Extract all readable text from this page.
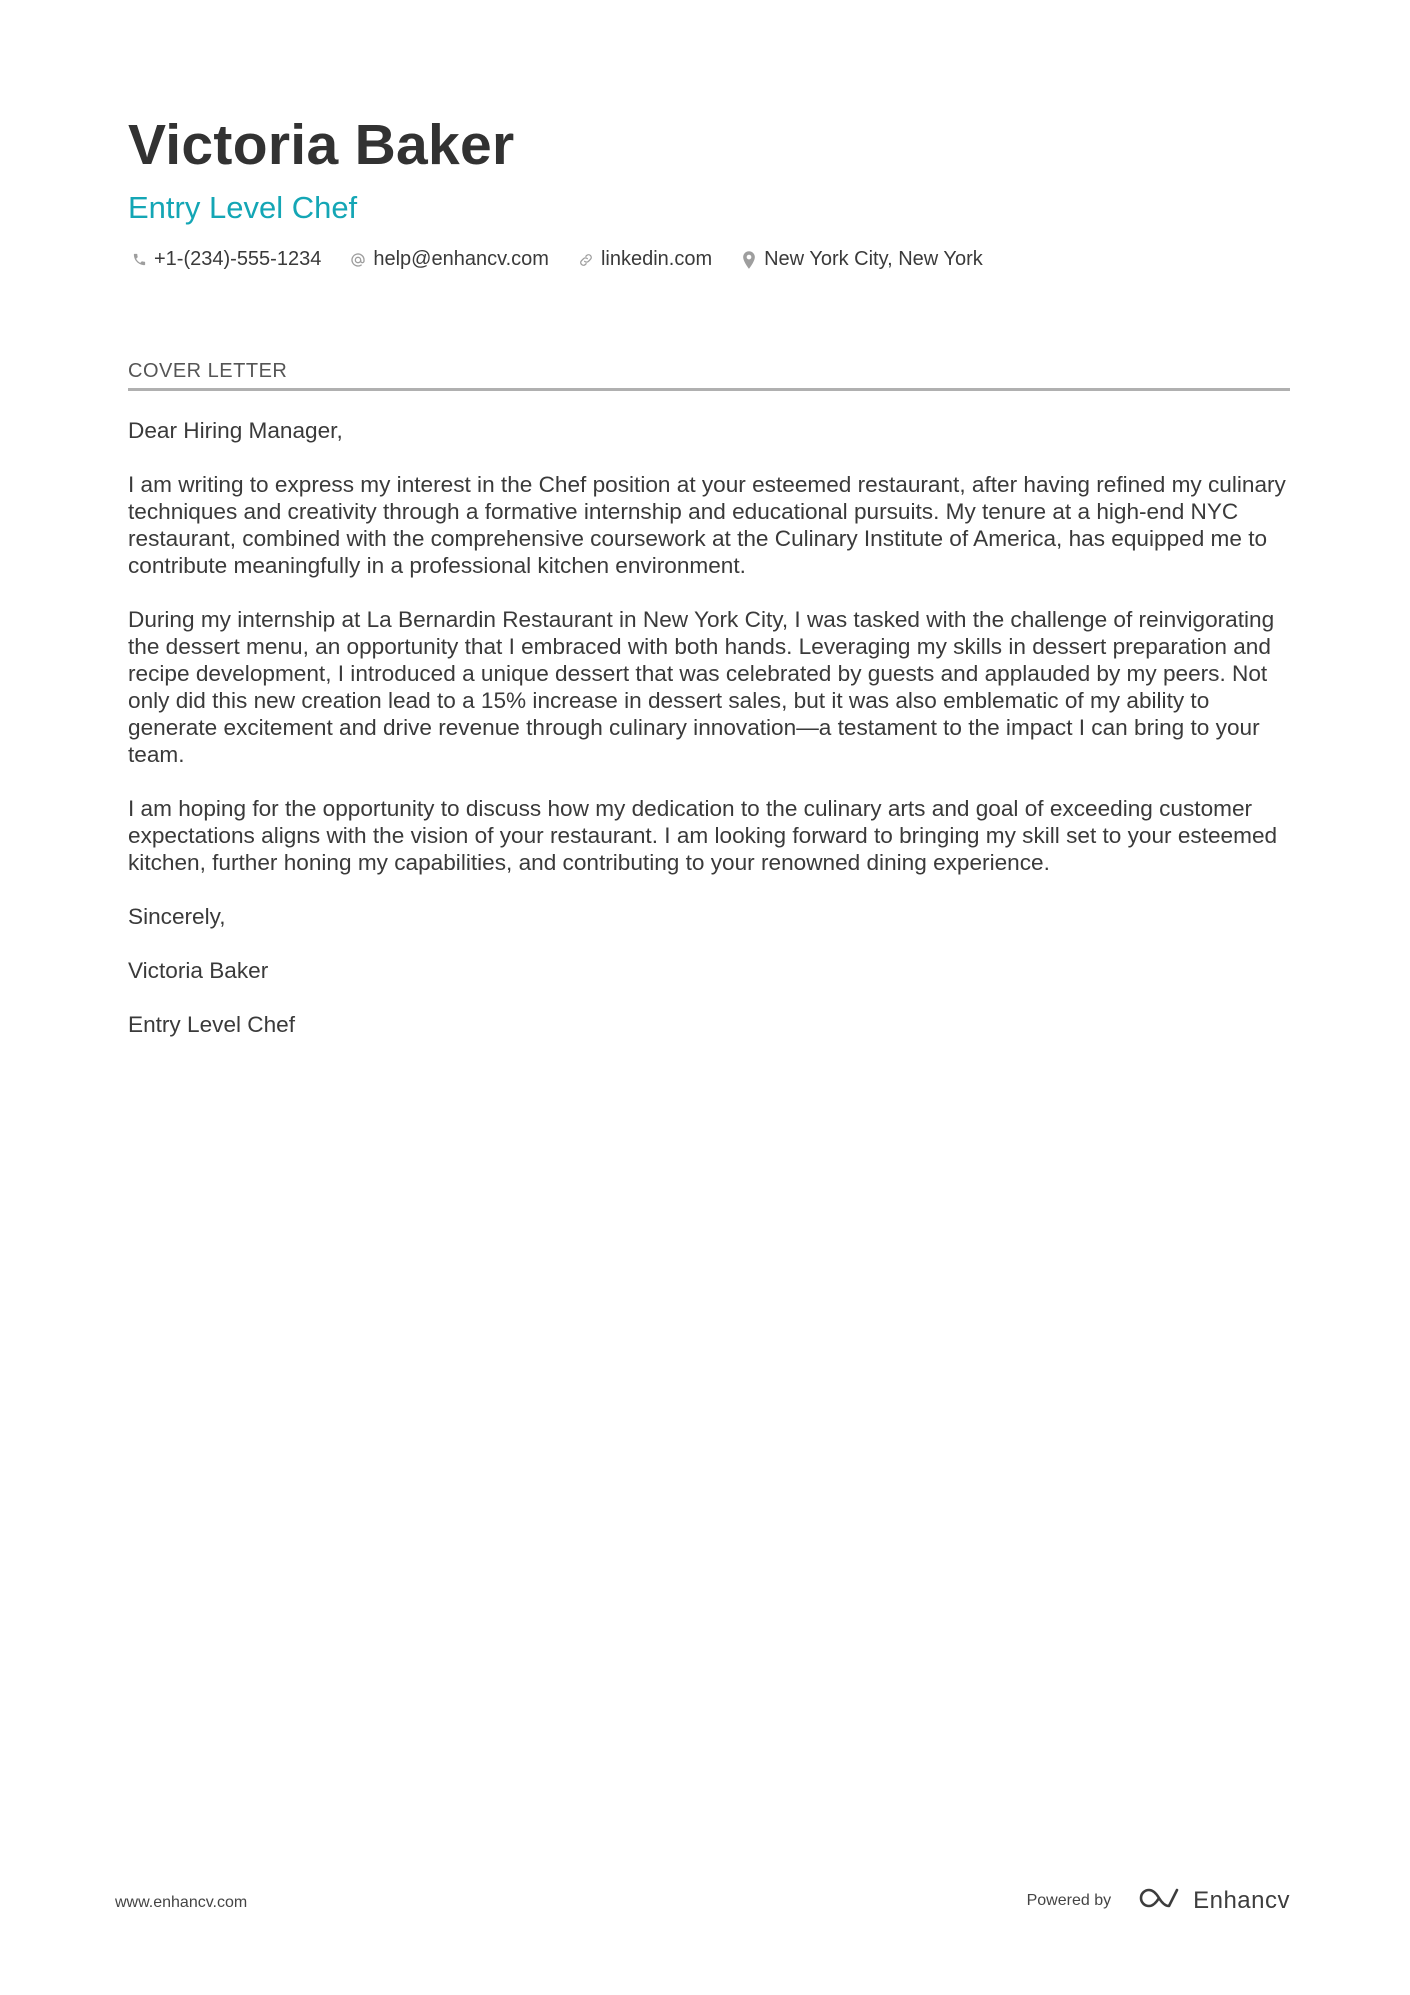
Victoria Baker
Entry Level Chef
+1-(234)-555-1234	help@enhancv.com	linkedin.com	New York City, New York
COVER LETTER

Dear Hiring Manager,

I am writing to express my interest in the Chef position at your esteemed restaurant, after having refined my culinary techniques and creativity through a formative internship and educational pursuits. My tenure at a high-end NYC restaurant, combined with the comprehensive coursework at the Culinary Institute of America, has equipped me to contribute meaningfully in a professional kitchen environment.

During my internship at La Bernardin Restaurant in New York City, I was tasked with the challenge of reinvigorating the dessert menu, an opportunity that I embraced with both hands. Leveraging my skills in dessert preparation and recipe development, I introduced a unique dessert that was celebrated by guests and applauded by my peers. Not only did this new creation lead to a 15% increase in dessert sales, but it was also emblematic of my ability to generate excitement and drive revenue through culinary innovation—a testament to the impact I can bring to your team.

I am hoping for the opportunity to discuss how my dedication to the culinary arts and goal of exceeding customer expectations aligns with the vision of your restaurant. I am looking forward to bringing my skill set to your esteemed kitchen, further honing my capabilities, and contributing to your renowned dining experience.

Sincerely,

Victoria Baker

Entry Level Chef

www.enhancv.com	Powered by	Enhancv
